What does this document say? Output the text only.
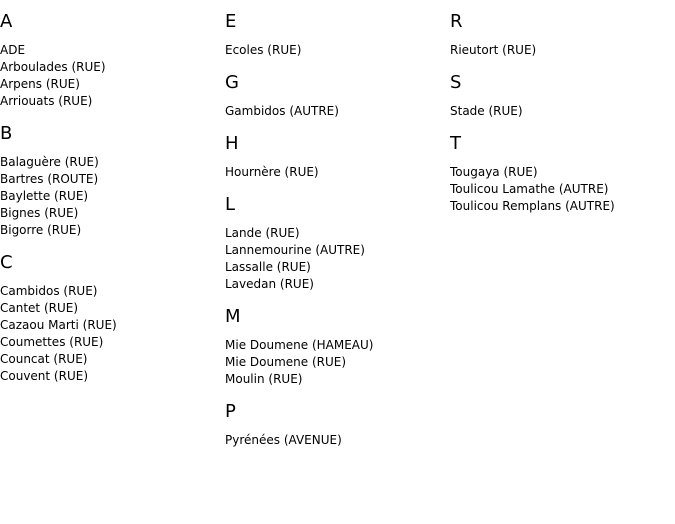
A
ADE
Arboulades (RUE)
Arpens (RUE)
Arriouats (RUE)
B
Balaguère (RUE)
Bartres (ROUTE)
Baylette (RUE)
Bignes (RUE)
Bigorre (RUE)
C
Cambidos (RUE)
Cantet (RUE)
Cazaou Marti (RUE)
Coumettes (RUE)
Councat (RUE)
Couvent (RUE)
E
Ecoles (RUE)
G
Gambidos (AUTRE)
H
Hournère (RUE)
L
Lande (RUE)
Lannemourine (AUTRE)
Lassalle (RUE)
Lavedan (RUE)
M
Mie Doumene (HAMEAU)
Mie Doumene (RUE)
Moulin (RUE)
P
Pyrénées (AVENUE)
R
Rieutort (RUE)
S
Stade (RUE)
T
Tougaya (RUE)
Toulicou Lamathe (AUTRE)
Toulicou Remplans (AUTRE)
